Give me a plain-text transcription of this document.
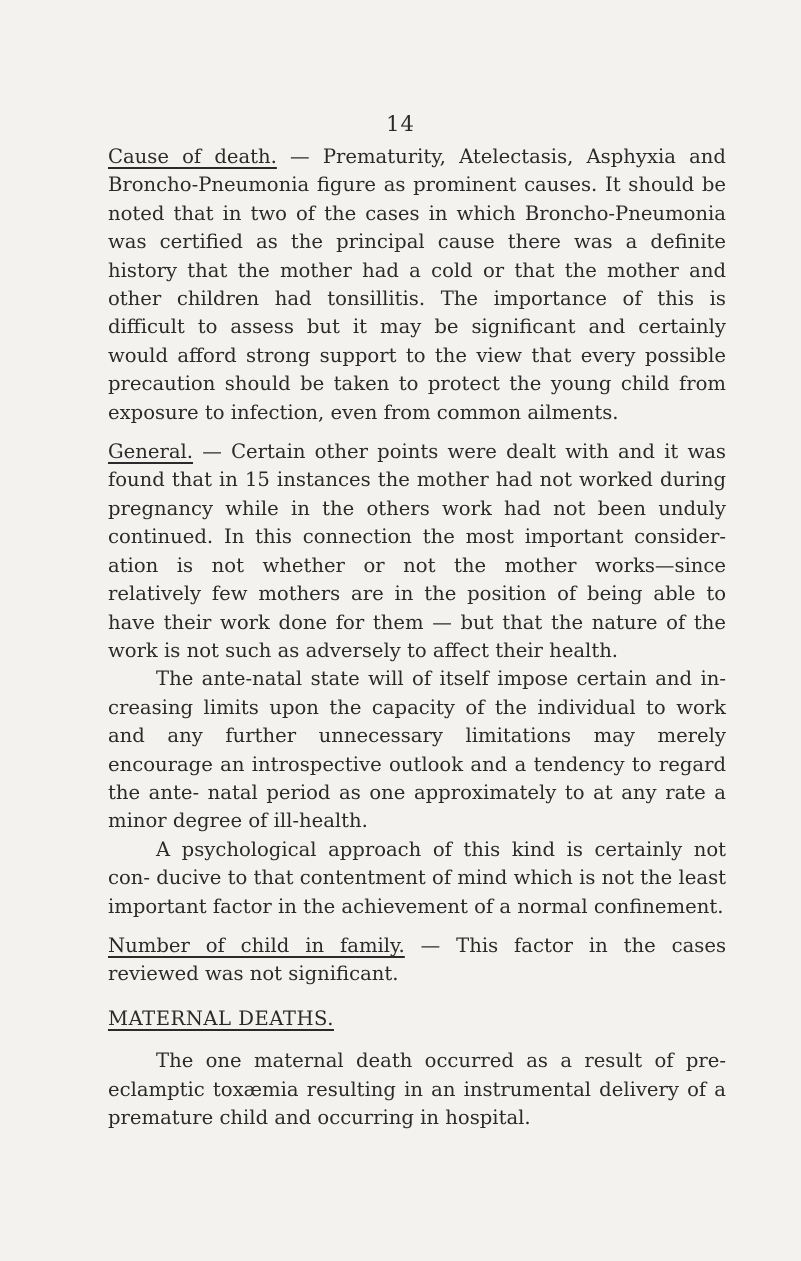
14

Cause of death. — Prematurity, Atelectasis, Asphyxia and Broncho-Pneumonia figure as prominent causes. It should be noted that in two of the cases in which Broncho-Pneumonia was certified as the principal cause there was a definite history that the mother had a cold or that the mother and other children had tonsillitis. The importance of this is difficult to assess but it may be significant and certainly would afford strong support to the view that every possible precaution should be taken to protect the young child from exposure to infection, even from common ailments.

General. — Certain other points were dealt with and it was found that in 15 instances the mother had not worked during pregnancy while in the others work had not been unduly continued. In this connection the most important consider- ation is not whether or not the mother works—since relatively few mothers are in the position of being able to have their work done for them — but that the nature of the work is not such as adversely to affect their health.

The ante-natal state will of itself impose certain and in- creasing limits upon the capacity of the individual to work and any further unnecessary limitations may merely encourage an introspective outlook and a tendency to regard the ante- natal period as one approximately to at any rate a minor degree of ill-health.

A psychological approach of this kind is certainly not con- ducive to that contentment of mind which is not the least important factor in the achievement of a normal confinement.

Number of child in family. — This factor in the cases reviewed was not significant.

MATERNAL DEATHS.

The one maternal death occurred as a result of pre- eclamptic toxæmia resulting in an instrumental delivery of a premature child and occurring in hospital.
